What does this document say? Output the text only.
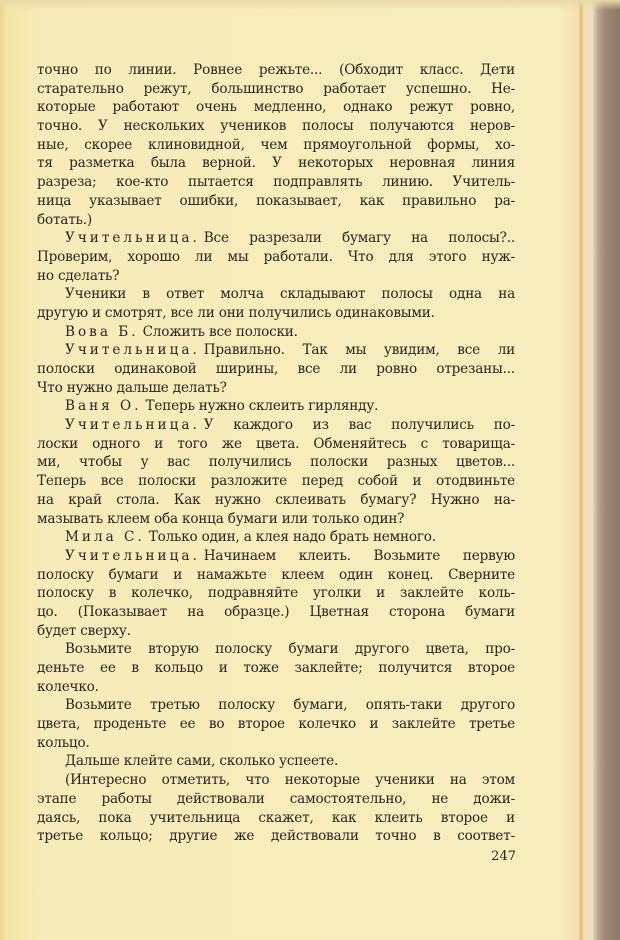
точно по линии. Ровнее режьте... (Обходит класс. Дети
старательно режут, большинство работает успешно. Не-
которые работают очень медленно, однако режут ровно,
точно. У нескольких учеников полосы получаются неров-
ные, скорее клиновидной, чем прямоугольной формы, хо-
тя разметка была верной. У некоторых неровная линия
разреза; кое-кто пытается подправлять линию. Учитель-
ница указывает ошибки, показывает, как правильно ра-
ботать.)
Учительница. Все разрезали бумагу на полосы?..
Проверим, хорошо ли мы работали. Что для этого нуж-
но сделать?
Ученики в ответ молча складывают полосы одна на
другую и смотрят, все ли они получились одинаковыми.
Вова Б. Сложить все полоски.
Учительница. Правильно. Так мы увидим, все ли
полоски одинаковой ширины, все ли ровно отрезаны...
Что нужно дальше делать?
Ваня О. Теперь нужно склеить гирлянду.
Учительница. У каждого из вас получились по-
лоски одного и того же цвета. Обменяйтесь с товарища-
ми, чтобы у вас получились полоски разных цветов...
Теперь все полоски разложите перед собой и отодвиньте
на край стола. Как нужно склеивать бумагу? Нужно на-
мазывать клеем оба конца бумаги или только один?
Мила С. Только один, а клея надо брать немного.
Учительница. Начинаем клеить. Возьмите первую
полоску бумаги и намажьте клеем один конец. Сверните
полоску в колечко, подравняйте уголки и заклейте коль-
цо. (Показывает на образце.) Цветная сторона бумаги
будет сверху.
Возьмите вторую полоску бумаги другого цвета, про-
деньте ее в кольцо и тоже заклейте; получится второе
колечко.
Возьмите третью полоску бумаги, опять-таки другого
цвета, проденьте ее во второе колечко и заклейте третье
кольцо.
Дальше клейте сами, сколько успеете.
(Интересно отметить, что некоторые ученики на этом
этапе работы действовали самостоятельно, не дожи-
даясь, пока учительница скажет, как клеить второе и
третье кольцо; другие же действовали точно в соответ-
247
